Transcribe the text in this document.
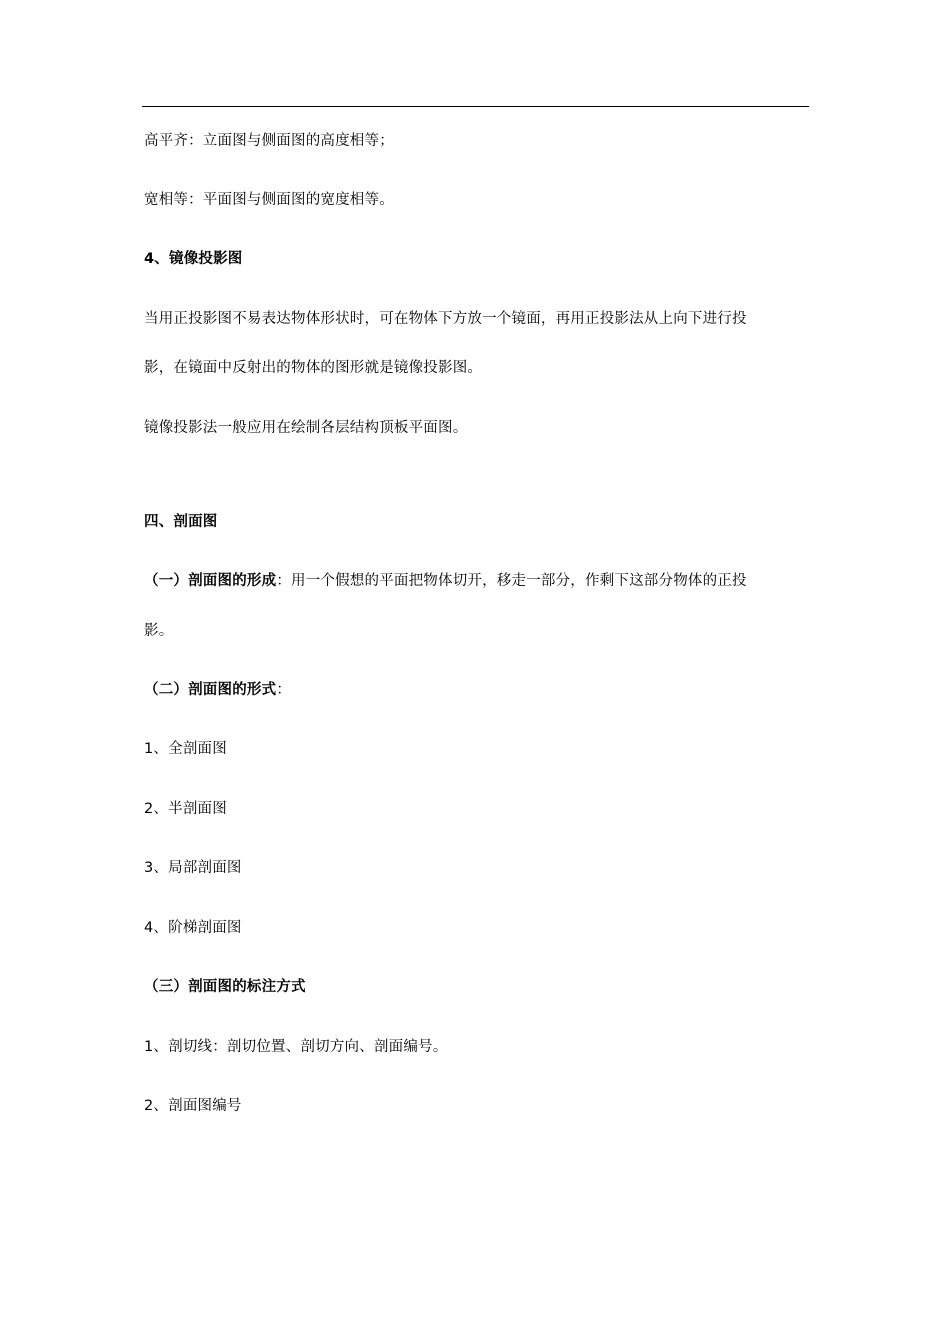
高平齐：立面图与侧面图的高度相等；
宽相等：平面图与侧面图的宽度相等。
4、镜像投影图
当用正投影图不易表达物体形状时，可在物体下方放一个镜面，再用正投影法从上向下进行投
影，在镜面中反射出的物体的图形就是镜像投影图。
镜像投影法一般应用在绘制各层结构顶板平面图。
四、剖面图
（一）剖面图的形成：用一个假想的平面把物体切开，移走一部分，作剩下这部分物体的正投
影。
（二）剖面图的形式：
1、全剖面图
2、半剖面图
3、局部剖面图
4、阶梯剖面图
（三）剖面图的标注方式
1、剖切线：剖切位置、剖切方向、剖面编号。
2、剖面图编号
